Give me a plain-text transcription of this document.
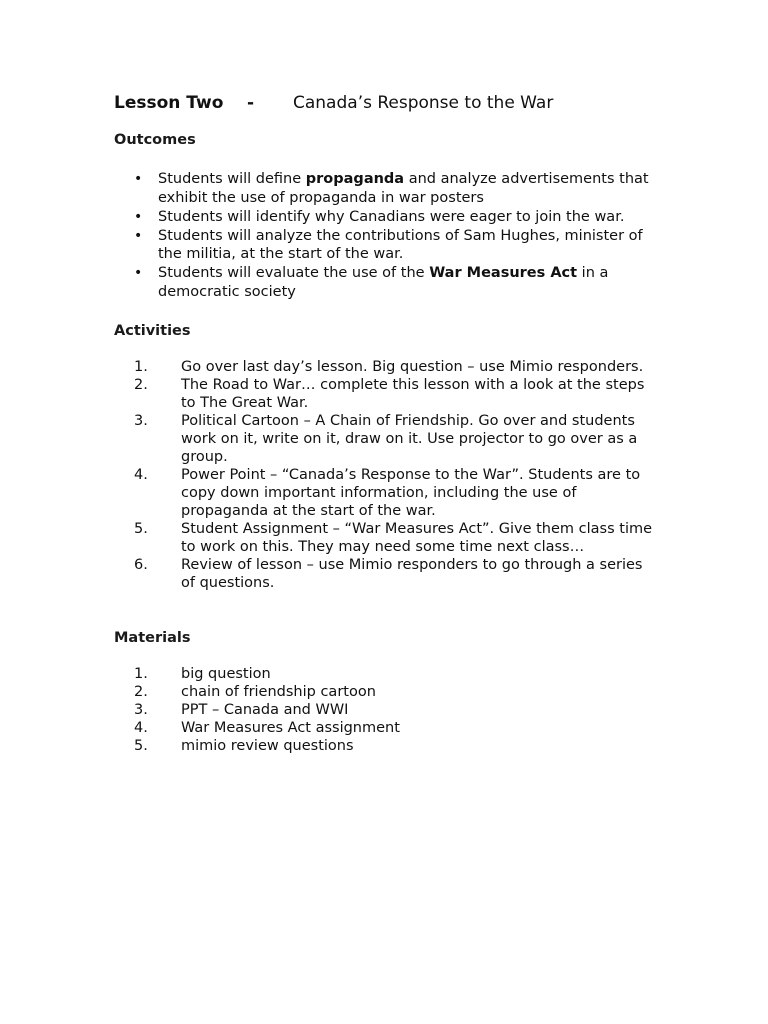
Lesson Two - Canada’s Response to the War
Outcomes
• Students will define propaganda and analyze advertisements that exhibit the use of propaganda in war posters
• Students will identify why Canadians were eager to join the war.
• Students will analyze the contributions of Sam Hughes, minister of the militia, at the start of the war.
• Students will evaluate the use of the War Measures Act in a democratic society
Activities
1. Go over last day’s lesson. Big question – use Mimio responders.
2. The Road to War… complete this lesson with a look at the steps to The Great War.
3. Political Cartoon – A Chain of Friendship. Go over and students work on it, write on it, draw on it. Use projector to go over as a group.
4. Power Point – “Canada’s Response to the War”. Students are to copy down important information, including the use of propaganda at the start of the war.
5. Student Assignment – “War Measures Act”. Give them class time to work on this. They may need some time next class…
6. Review of lesson – use Mimio responders to go through a series of questions.
Materials
1. big question
2. chain of friendship cartoon
3. PPT – Canada and WWI
4. War Measures Act assignment
5. mimio review questions
